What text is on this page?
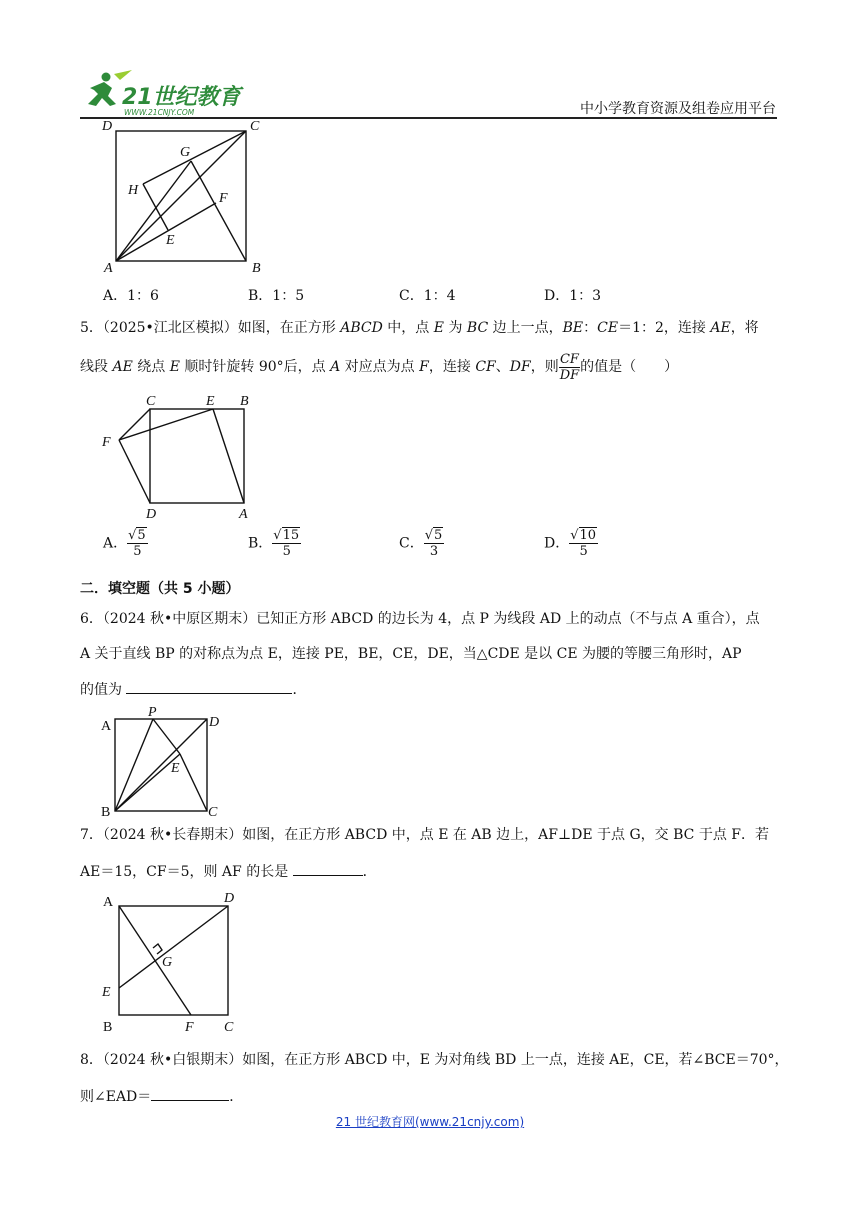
21世纪教育
WWW.21CNJY.COM	中小学教育资源及组卷应用平台
D	C
A	B
G
H
F
E
A．1：6	B．1：5	C．1：4	D．1：3
5．（2025•江北区模拟）如图，在正方形 ABCD 中，点 E 为 BC 边上一点，BE：CE＝1：2，连接 AE，将
线段 AE 绕点 E 顺时针旋转 90°后，点 A 对应点为点 F，连接 CF、DF，则 $\frac{CF}{DF}$ 的值是（　　）
C	E B
F
D	A
A． $\frac{√5}{5}$	B． $\frac{√15}{5}$	C． $\frac{√5}{3}$	D． $\frac{√10}{5}$
二．填空题（共 5 小题）
6．（2024 秋•中原区期末）已知正方形 ABCD 的边长为 4，点 P 为线段 AD 上的动点（不与点 A 重合），点
A 关于直线 BP 的对称点为点 E，连接 PE，BE，CE，DE，当△CDE 是以 CE 为腰的等腰三角形时，AP
的值为	．
A
P
D
E
B	C
7．（2024 秋•长春期末）如图，在正方形 ABCD 中，点 E 在 AB 边上，AF⊥DE 于点 G，交 BC 于点 F．若
AE＝15，CF＝5，则 AF 的长是	．
A	D
G
E
B	F C
8．（2024 秋•白银期末）如图，在正方形 ABCD 中，E 为对角线 BD 上一点，连接 AE，CE，若∠BCE＝70°，
则∠EAD＝	．
21 世纪教育网(www.21cnjy.com)
